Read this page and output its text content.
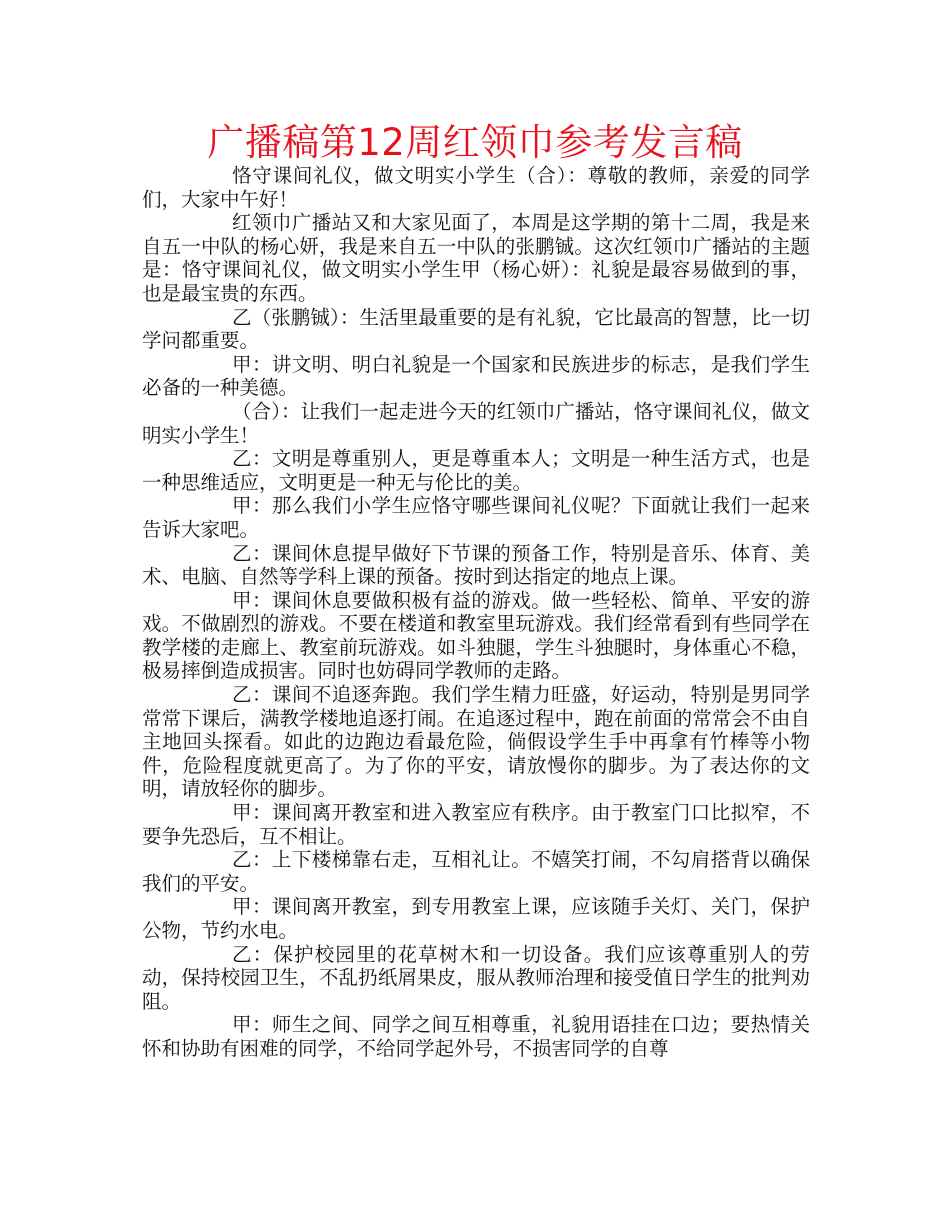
广播稿第12周红领巾参考发言稿

恪守课间礼仪，做文明实小学生（合）：尊敬的教师，亲爱的同学们，大家中午好！

红领巾广播站又和大家见面了，本周是这学期的第十二周，我是来自五一中队的杨心妍，我是来自五一中队的张鹏铖。这次红领巾广播站的主题是：恪守课间礼仪，做文明实小学生甲（杨心妍）：礼貌是最容易做到的事，也是最宝贵的东西。

乙（张鹏铖）：生活里最重要的是有礼貌，它比最高的智慧，比一切学问都重要。

甲：讲文明、明白礼貌是一个国家和民族进步的标志，是我们学生必备的一种美德。

（合）：让我们一起走进今天的红领巾广播站，恪守课间礼仪，做文明实小学生！

乙：文明是尊重别人，更是尊重本人；文明是一种生活方式，也是一种思维适应，文明更是一种无与伦比的美。

甲：那么我们小学生应恪守哪些课间礼仪呢？下面就让我们一起来告诉大家吧。

乙：课间休息提早做好下节课的预备工作，特别是音乐、体育、美术、电脑、自然等学科上课的预备。按时到达指定的地点上课。

甲：课间休息要做积极有益的游戏。做一些轻松、简单、平安的游戏。不做剧烈的游戏。不要在楼道和教室里玩游戏。我们经常看到有些同学在教学楼的走廊上、教室前玩游戏。如斗独腿，学生斗独腿时，身体重心不稳，极易摔倒造成损害。同时也妨碍同学教师的走路。

乙：课间不追逐奔跑。我们学生精力旺盛，好运动，特别是男同学常常下课后，满教学楼地追逐打闹。在追逐过程中，跑在前面的常常会不由自主地回头探看。如此的边跑边看最危险，倘假设学生手中再拿有竹棒等小物件，危险程度就更高了。为了你的平安，请放慢你的脚步。为了表达你的文明，请放轻你的脚步。

甲：课间离开教室和进入教室应有秩序。由于教室门口比拟窄，不要争先恐后，互不相让。

乙：上下楼梯靠右走，互相礼让。不嬉笑打闹，不勾肩搭背以确保我们的平安。

甲：课间离开教室，到专用教室上课，应该随手关灯、关门，保护公物，节约水电。

乙：保护校园里的花草树木和一切设备。我们应该尊重别人的劳动，保持校园卫生，不乱扔纸屑果皮，服从教师治理和接受值日学生的批判劝阻。

甲：师生之间、同学之间互相尊重，礼貌用语挂在口边；要热情关怀和协助有困难的同学，不给同学起外号，不损害同学的自尊
